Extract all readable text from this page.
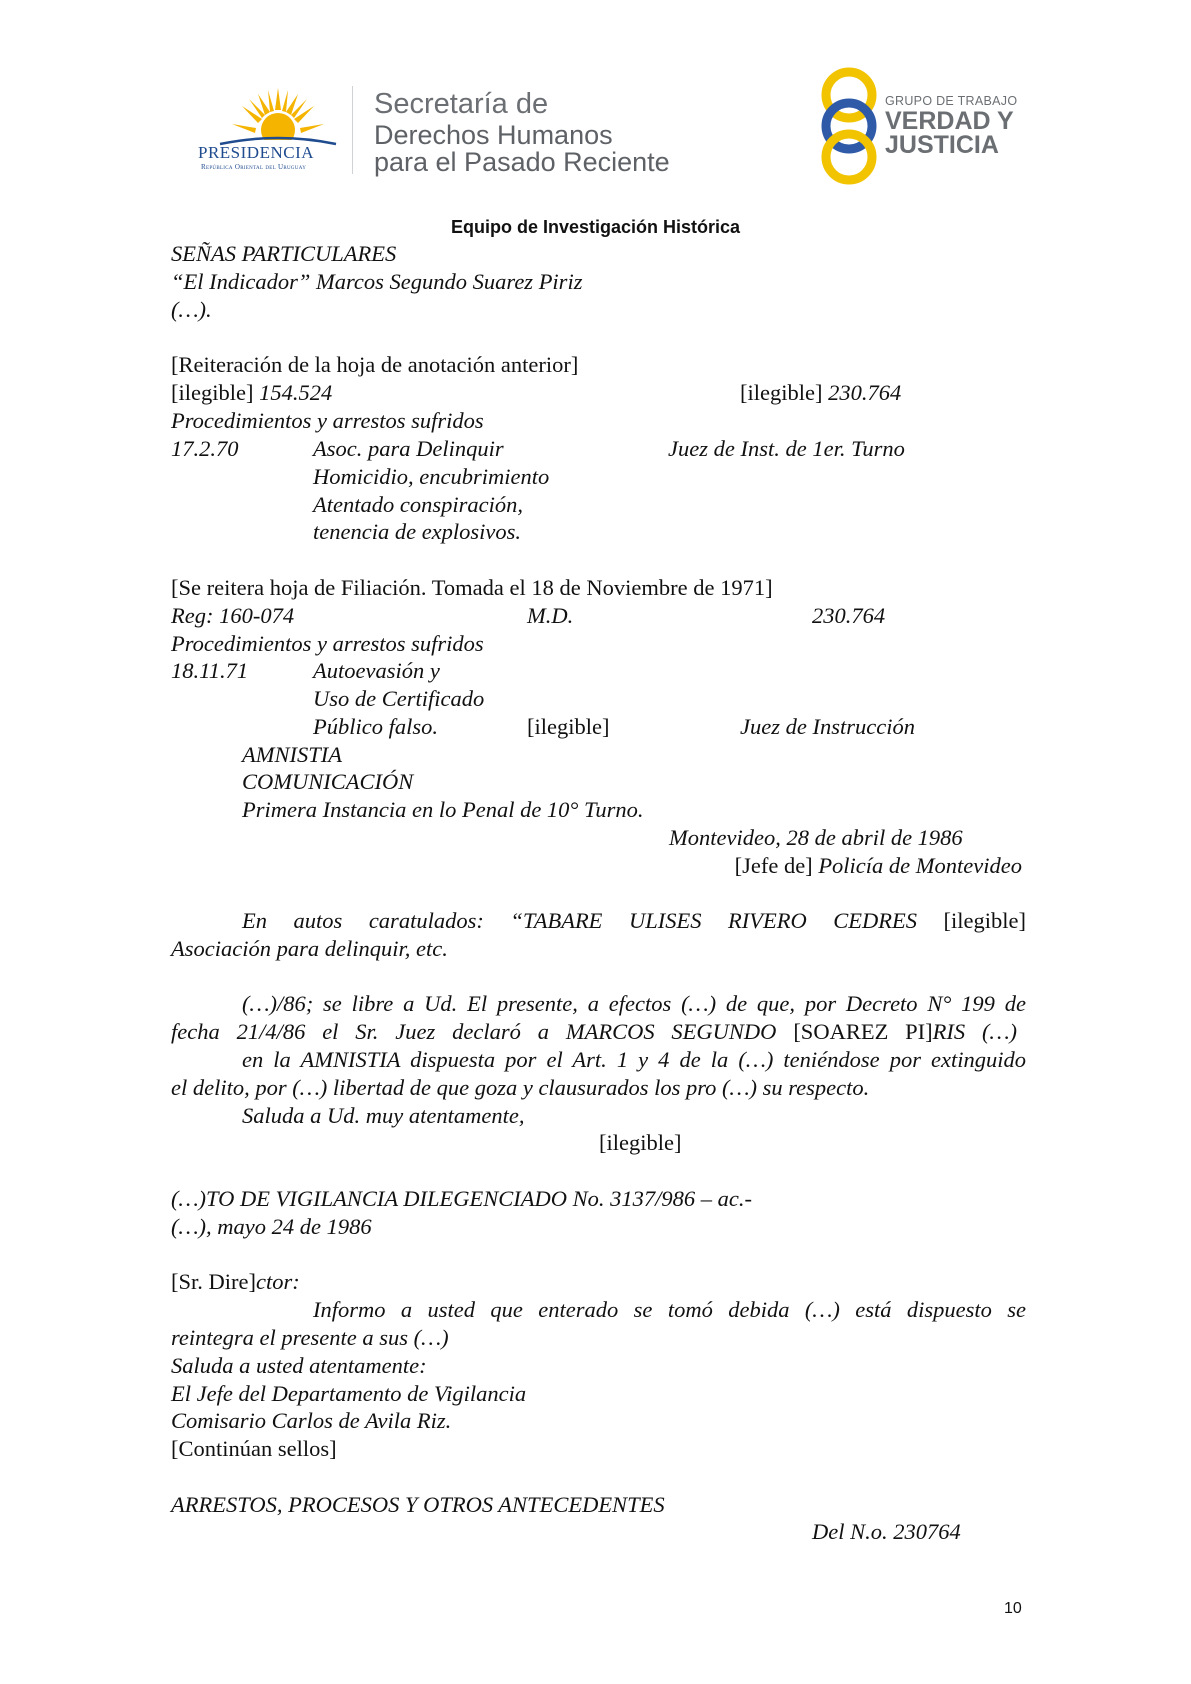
PRESIDENCIA
República Oriental del Uruguay
Secretaría de
Derechos Humanos
para el Pasado Reciente
GRUPO DE TRABAJO
VERDAD Y
JUSTICIA
Equipo de Investigación Histórica
SEÑAS PARTICULARES
“El Indicador” Marcos Segundo Suarez Piriz
(…).
[Reiteración de la hoja de anotación anterior]
[ilegible] 154.524	[ilegible] 230.764
Procedimientos y arrestos sufridos
17.2.70	Asoc. para Delinquir	Juez de Inst. de 1er. Turno
Homicidio, encubrimiento
Atentado conspiración,
tenencia de explosivos.
[Se reitera hoja de Filiación. Tomada el 18 de Noviembre de 1971]
Reg: 160-074	M.D.	230.764
Procedimientos y arrestos sufridos
18.11.71	Autoevasión y
Uso de Certificado
Público falso.	[ilegible]	Juez de Instrucción
AMNISTIA
COMUNICACIÓN
Primera Instancia en lo Penal de 10° Turno.
Montevideo, 28 de abril de 1986
[Jefe de] Policía de Montevideo
En autos caratulados: “TABARE ULISES RIVERO CEDRES [ilegible]
Asociación para delinquir, etc.
(…)/86; se libre a Ud. El presente, a efectos (…) de que, por Decreto N° 199 de
fecha 21/4/86 el Sr. Juez declaró a MARCOS SEGUNDO [SOAREZ PI]RIS (…)
en la AMNISTIA dispuesta por el Art. 1 y 4 de la (…) teniéndose por extinguido
el delito, por (…) libertad de que goza y clausurados los pro (…) su respecto.
Saluda a Ud. muy atentamente,
[ilegible]
(…)TO DE VIGILANCIA DILEGENCIADO No. 3137/986 – ac.-
(…), mayo 24 de 1986
[Sr. Dire]ctor:
Informo a usted que enterado se tomó debida (…) está dispuesto se
reintegra el presente a sus (…)
Saluda a usted atentamente:
El Jefe del Departamento de Vigilancia
Comisario Carlos de Avila Riz.
[Continúan sellos]
ARRESTOS, PROCESOS Y OTROS ANTECEDENTES
Del N.o. 230764
10
